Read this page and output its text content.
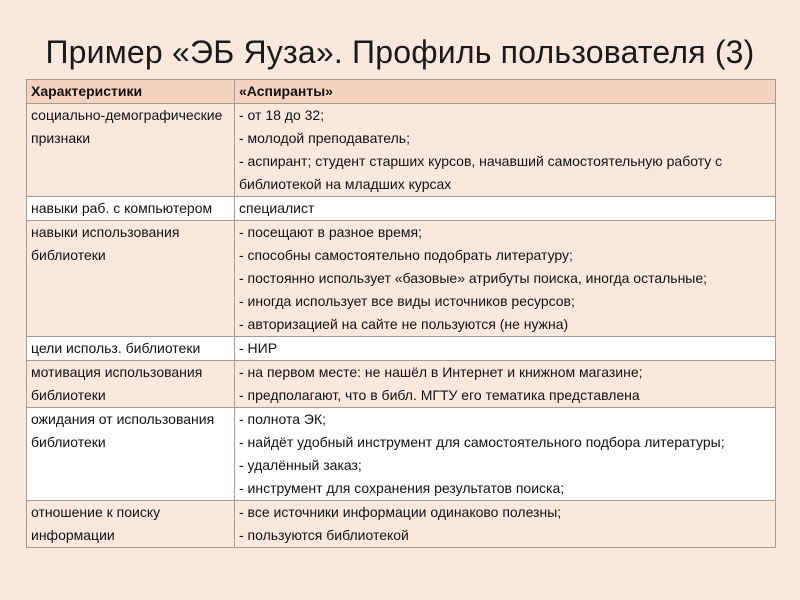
Пример «ЭБ Яуза». Профиль пользователя (3)
Характеристики	«Аспиранты»
социально-демографические признаки	- от 18 до 32;
- молодой преподаватель;
- аспирант; студент старших курсов, начавший самостоятельную работу с библиотекой на младших курсах

навыки раб. с компьютером	специалист

навыки использования библиотеки	- посещают в разное время;
- способны самостоятельно подобрать литературу;
- постоянно использует «базовые» атрибуты поиска, иногда остальные;
- иногда использует все виды источников ресурсов;
- авторизацией на сайте не пользуются (не нужна)

цели использ. библиотеки	- НИР

мотивация использования библиотеки	- на первом месте: не нашёл в Интернет и книжном магазине;
- предполагают, что в библ. МГТУ его тематика представлена

ожидания от использования библиотеки	- полнота ЭК;
- найдёт удобный инструмент для самостоятельного подбора литературы;
- удалённый заказ;
- инструмент для сохранения результатов поиска;

отношение к поиску информации	- все источники информации одинаково полезны;
- пользуются библиотекой
